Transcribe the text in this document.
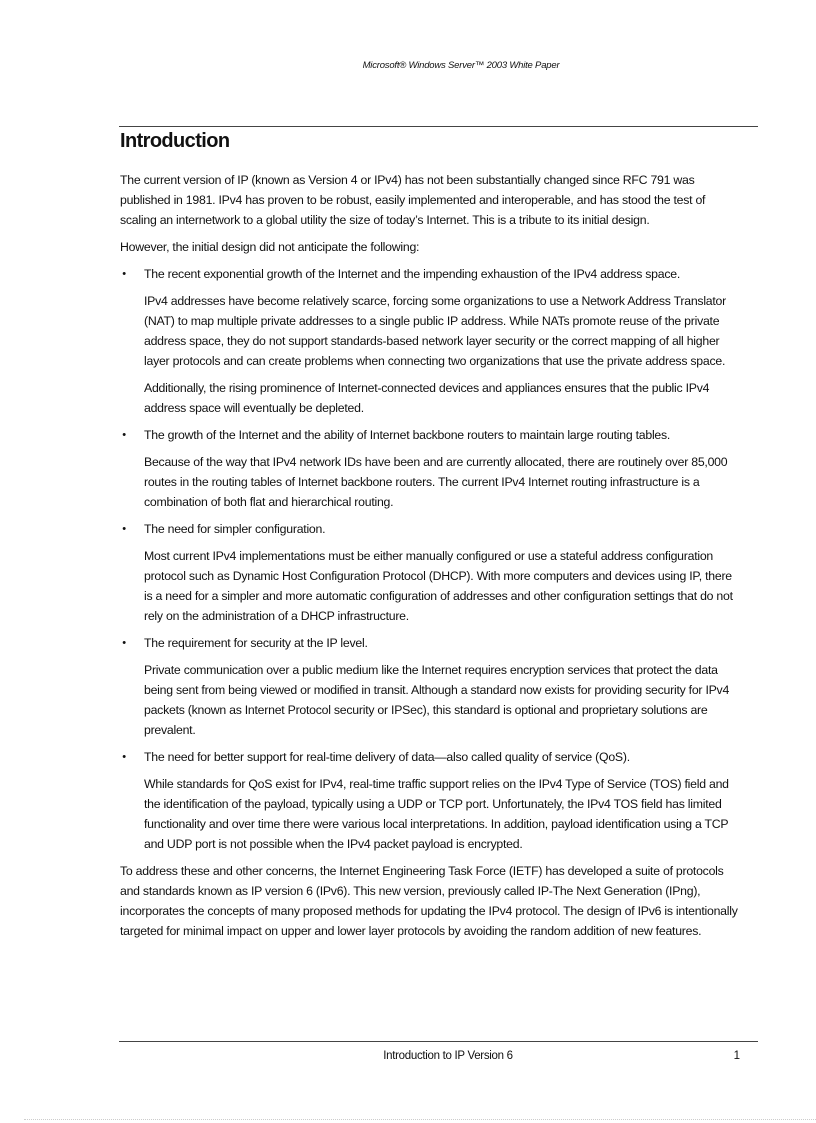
Microsoft® Windows Server™ 2003 White Paper
Introduction

The current version of IP (known as Version 4 or IPv4) has not been substantially changed since RFC 791 was published in 1981. IPv4 has proven to be robust, easily implemented and interoperable, and has stood the test of scaling an internetwork to a global utility the size of today’s Internet. This is a tribute to its initial design.

However, the initial design did not anticipate the following:

• The recent exponential growth of the Internet and the impending exhaustion of the IPv4 address space.

IPv4 addresses have become relatively scarce, forcing some organizations to use a Network Address Translator (NAT) to map multiple private addresses to a single public IP address. While NATs promote reuse of the private address space, they do not support standards-based network layer security or the correct mapping of all higher layer protocols and can create problems when connecting two organizations that use the private address space.

Additionally, the rising prominence of Internet-connected devices and appliances ensures that the public IPv4 address space will eventually be depleted.

• The growth of the Internet and the ability of Internet backbone routers to maintain large routing tables.

Because of the way that IPv4 network IDs have been and are currently allocated, there are routinely over 85,000 routes in the routing tables of Internet backbone routers. The current IPv4 Internet routing infrastructure is a combination of both flat and hierarchical routing.

• The need for simpler configuration.

Most current IPv4 implementations must be either manually configured or use a stateful address configuration protocol such as Dynamic Host Configuration Protocol (DHCP). With more computers and devices using IP, there is a need for a simpler and more automatic configuration of addresses and other configuration settings that do not rely on the administration of a DHCP infrastructure.

• The requirement for security at the IP level.

Private communication over a public medium like the Internet requires encryption services that protect the data being sent from being viewed or modified in transit. Although a standard now exists for providing security for IPv4 packets (known as Internet Protocol security or IPSec), this standard is optional and proprietary solutions are prevalent.

• The need for better support for real-time delivery of data—also called quality of service (QoS).

While standards for QoS exist for IPv4, real-time traffic support relies on the IPv4 Type of Service (TOS) field and the identification of the payload, typically using a UDP or TCP port. Unfortunately, the IPv4 TOS field has limited functionality and over time there were various local interpretations. In addition, payload identification using a TCP and UDP port is not possible when the IPv4 packet payload is encrypted.

To address these and other concerns, the Internet Engineering Task Force (IETF) has developed a suite of protocols and standards known as IP version 6 (IPv6). This new version, previously called IP-The Next Generation (IPng), incorporates the concepts of many proposed methods for updating the IPv4 protocol. The design of IPv6 is intentionally targeted for minimal impact on upper and lower layer protocols by avoiding the random addition of new features.

Introduction to IP Version 6	1
